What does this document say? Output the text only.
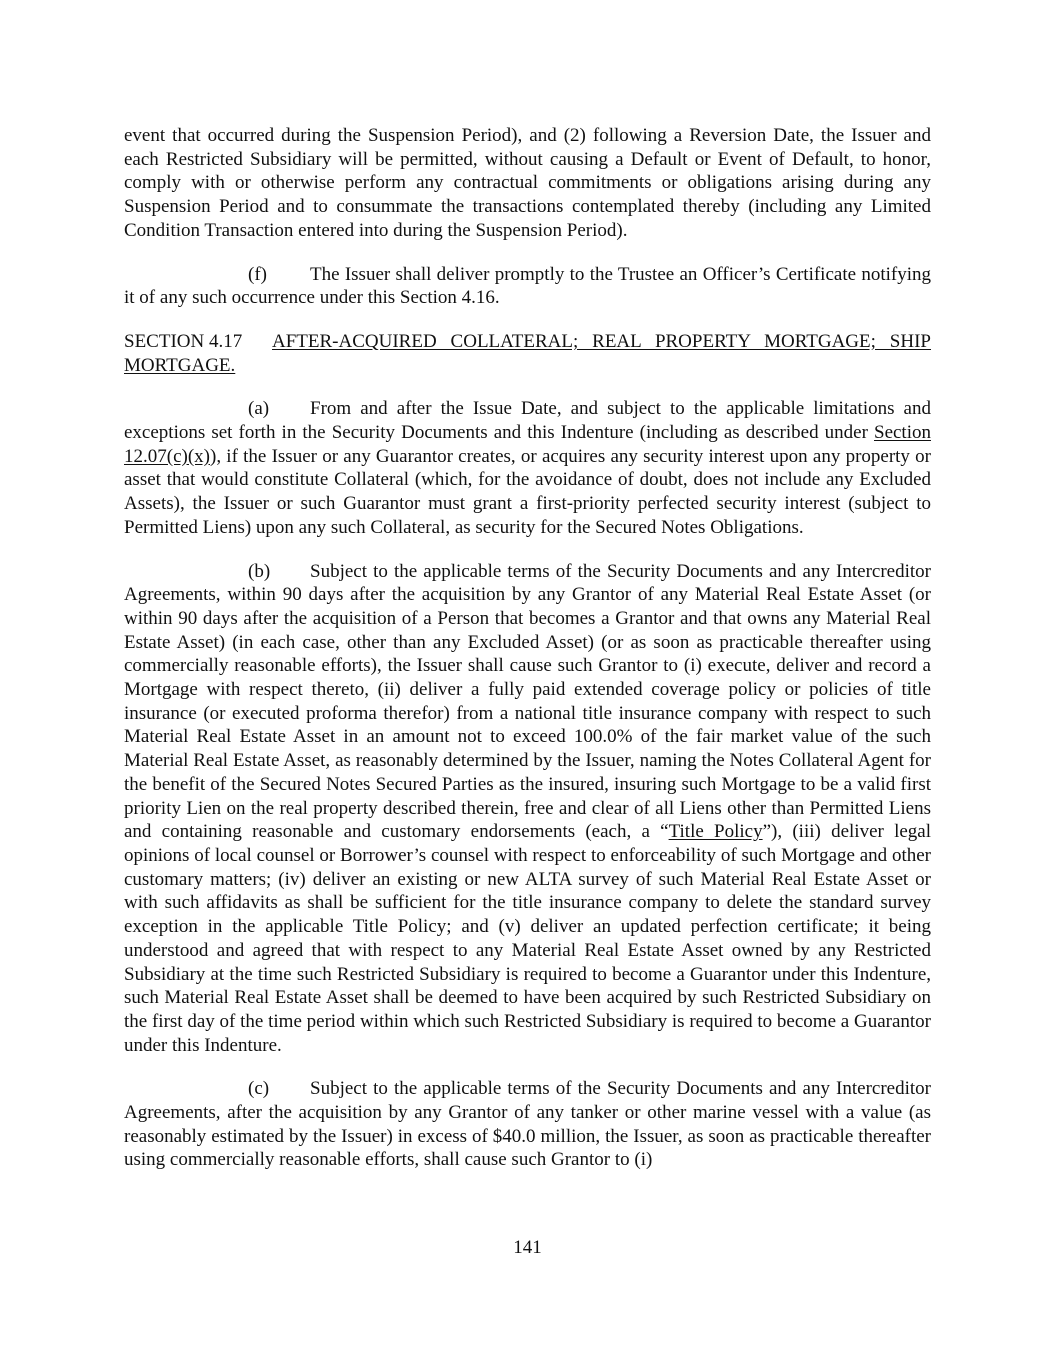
event that occurred during the Suspension Period), and (2) following a Reversion Date, the Issuer and each Restricted Subsidiary will be permitted, without causing a Default or Event of Default, to honor, comply with or otherwise perform any contractual commitments or obligations arising during any Suspension Period and to consummate the transactions contemplated thereby (including any Limited Condition Transaction entered into during the Suspension Period).

(f) The Issuer shall deliver promptly to the Trustee an Officer’s Certificate notifying it of any such occurrence under this Section 4.16.

SECTION 4.17 AFTER-ACQUIRED COLLATERAL; REAL PROPERTY MORTGAGE; SHIP MORTGAGE.

(a) From and after the Issue Date, and subject to the applicable limitations and exceptions set forth in the Security Documents and this Indenture (including as described under Section 12.07(c)(x)), if the Issuer or any Guarantor creates, or acquires any security interest upon any property or asset that would constitute Collateral (which, for the avoidance of doubt, does not include any Excluded Assets), the Issuer or such Guarantor must grant a first-priority perfected security interest (subject to Permitted Liens) upon any such Collateral, as security for the Secured Notes Obligations.

(b) Subject to the applicable terms of the Security Documents and any Intercreditor Agreements, within 90 days after the acquisition by any Grantor of any Material Real Estate Asset (or within 90 days after the acquisition of a Person that becomes a Grantor and that owns any Material Real Estate Asset) (in each case, other than any Excluded Asset) (or as soon as practicable thereafter using commercially reasonable efforts), the Issuer shall cause such Grantor to (i) execute, deliver and record a Mortgage with respect thereto, (ii) deliver a fully paid extended coverage policy or policies of title insurance (or executed proforma therefor) from a national title insurance company with respect to such Material Real Estate Asset in an amount not to exceed 100.0% of the fair market value of the such Material Real Estate Asset, as reasonably determined by the Issuer, naming the Notes Collateral Agent for the benefit of the Secured Notes Secured Parties as the insured, insuring such Mortgage to be a valid first priority Lien on the real property described therein, free and clear of all Liens other than Permitted Liens and containing reasonable and customary endorsements (each, a “Title Policy”), (iii) deliver legal opinions of local counsel or Borrower’s counsel with respect to enforceability of such Mortgage and other customary matters; (iv) deliver an existing or new ALTA survey of such Material Real Estate Asset or with such affidavits as shall be sufficient for the title insurance company to delete the standard survey exception in the applicable Title Policy; and (v) deliver an updated perfection certificate; it being understood and agreed that with respect to any Material Real Estate Asset owned by any Restricted Subsidiary at the time such Restricted Subsidiary is required to become a Guarantor under this Indenture, such Material Real Estate Asset shall be deemed to have been acquired by such Restricted Subsidiary on the first day of the time period within which such Restricted Subsidiary is required to become a Guarantor under this Indenture.

(c) Subject to the applicable terms of the Security Documents and any Intercreditor Agreements, after the acquisition by any Grantor of any tanker or other marine vessel with a value (as reasonably estimated by the Issuer) in excess of $40.0 million, the Issuer, as soon as practicable thereafter using commercially reasonable efforts, shall cause such Grantor to (i)

141
